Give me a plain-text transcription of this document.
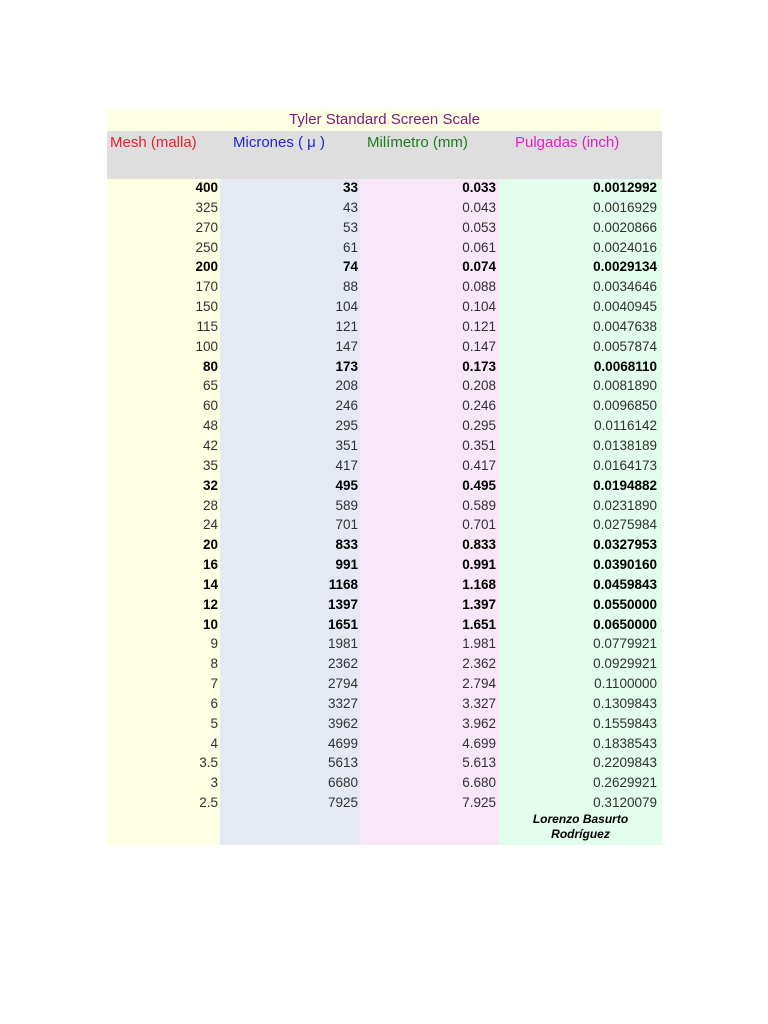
Tyler Standard Screen Scale
Mesh (malla) Micrones ( μ )	Milímetro (mm)	Pulgadas (inch)
400	33	0.033	0.0012992
325	43	0.043	0.0016929
270	53	0.053	0.0020866
250	61	0.061	0.0024016
200	74	0.074	0.0029134
170	88	0.088	0.0034646
150	104	0.104	0.0040945
115	121	0.121	0.0047638
100	147	0.147	0.0057874
80	173	0.173	0.0068110
65	208	0.208	0.0081890
60	246	0.246	0.0096850
48	295	0.295	0.0116142
42	351	0.351	0.0138189
35	417	0.417	0.0164173
32	495	0.495	0.0194882
28	589	0.589	0.0231890
24	701	0.701	0.0275984
20	833	0.833	0.0327953
16	991	0.991	0.0390160
14	1168	1.168	0.0459843
12	1397	1.397	0.0550000
10	1651	1.651	0.0650000
9	1981	1.981	0.0779921
8	2362	2.362	0.0929921
7	2794	2.794	0.1100000
6	3327	3.327	0.1309843
5	3962	3.962	0.1559843
4	4699	4.699	0.1838543
3.5	5613	5.613	0.2209843
3	6680	6.680	0.2629921
2.5	7925	7.925	0.3120079
Lorenzo Basurto
Rodríguez
